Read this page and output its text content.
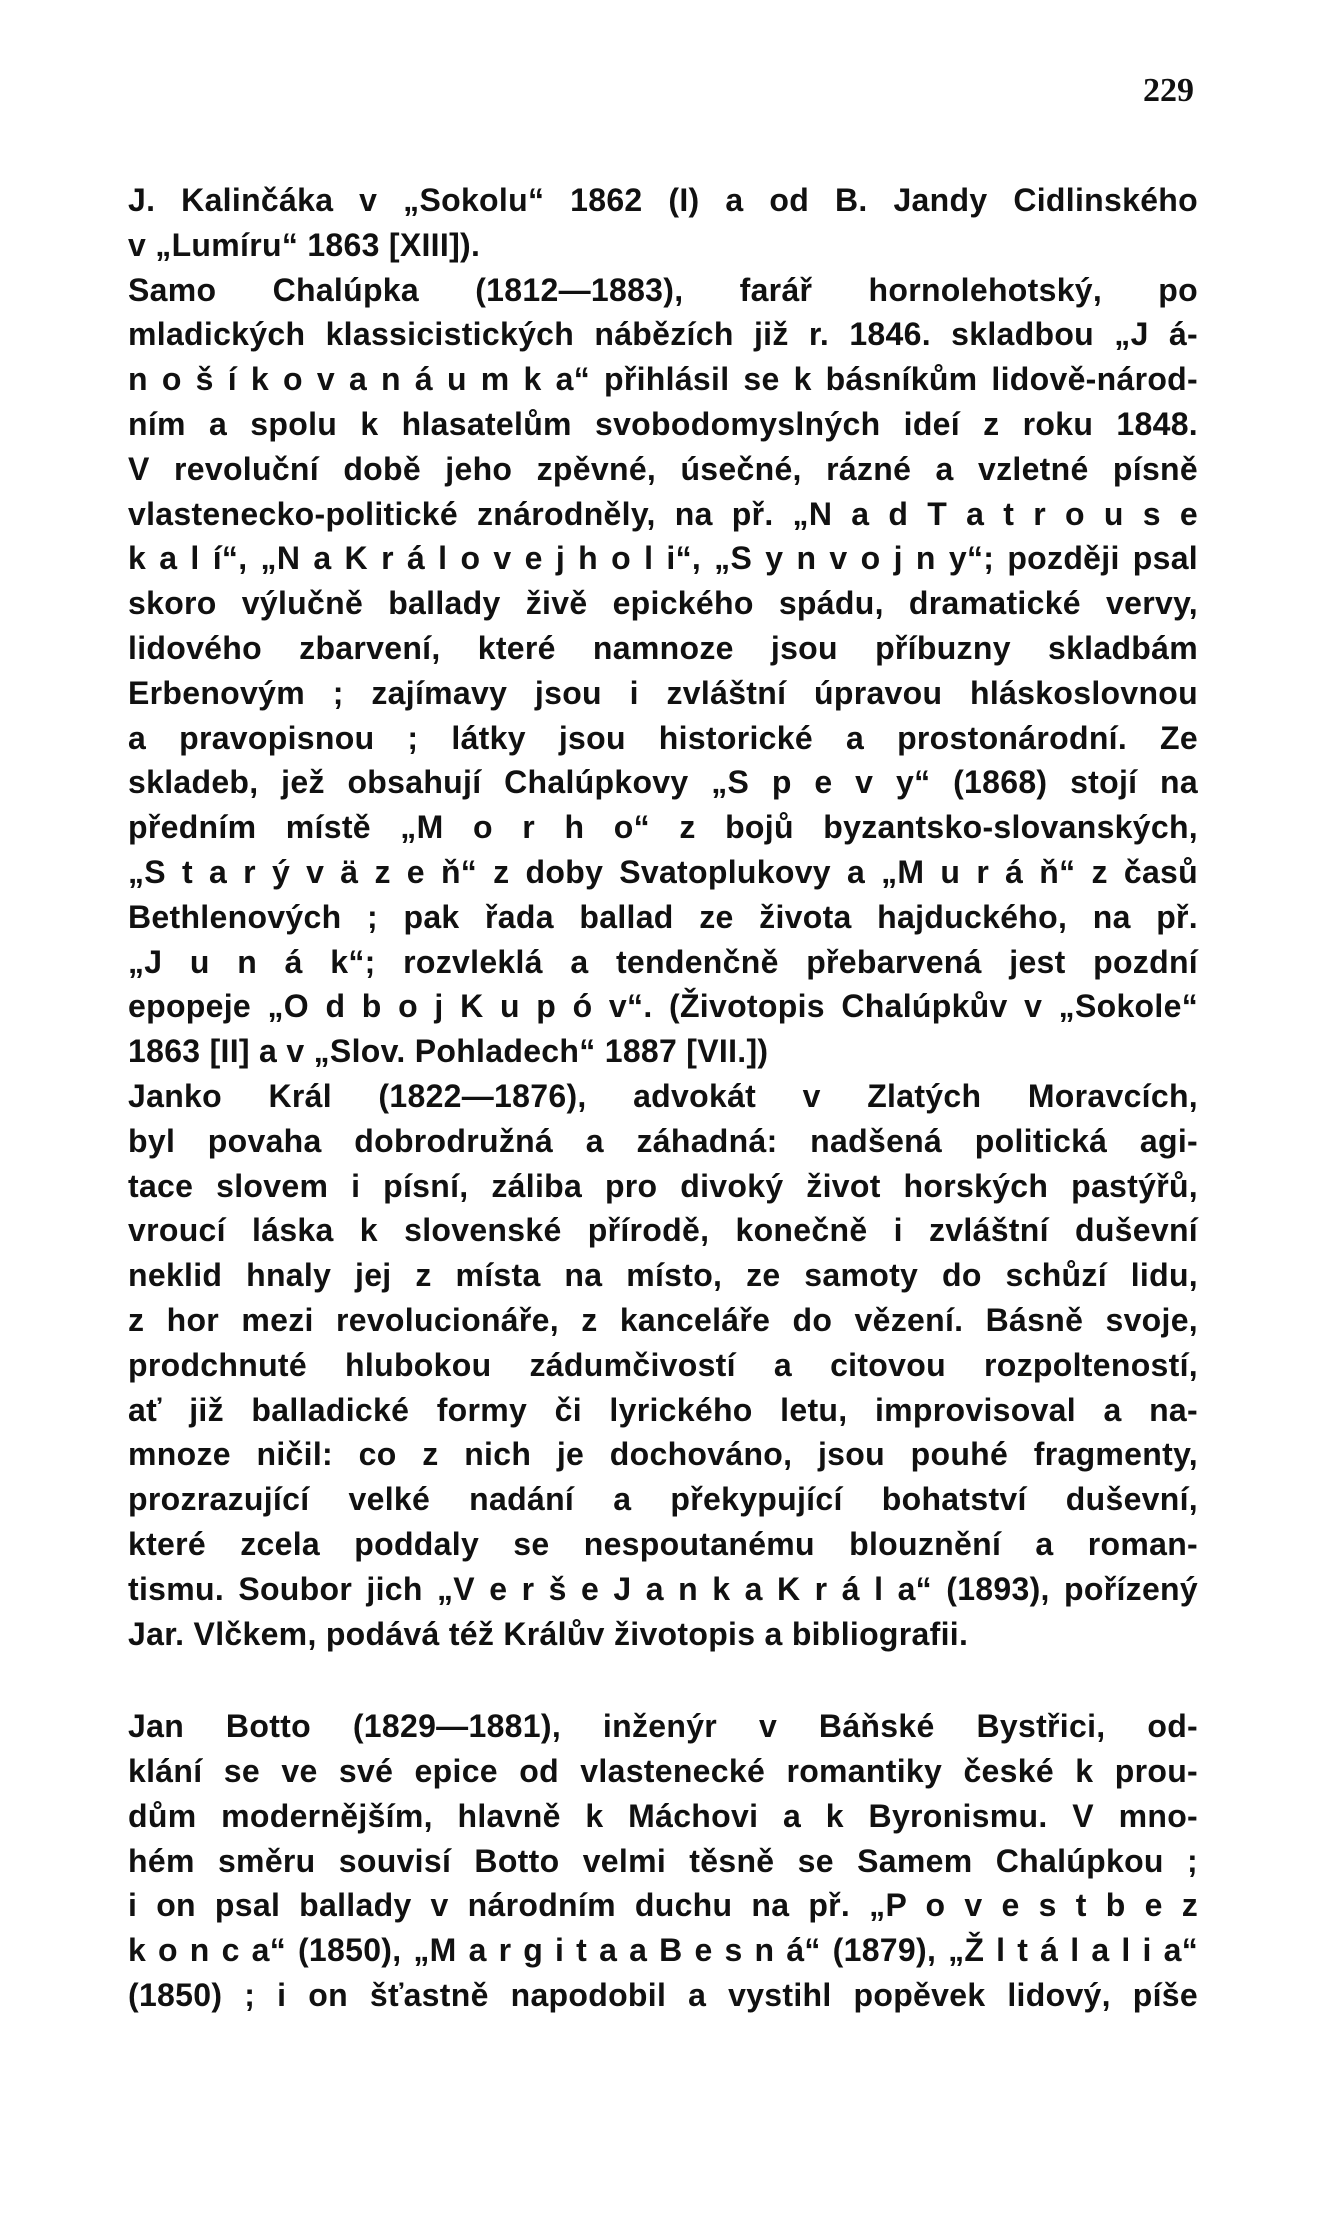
229
J. Kalinčáka v „Sokolu“ 1862 (I) a od B. Jandy Cidlinského
v „Lumíru“ 1863 [XIII]).
Samo Chalúpka (1812—1883), farář hornolehotský, po
mladických klassicistických nábězích již r. 1846. skladbou „J á-
n o š í k o v a n á u m k a“ přihlásil se k básníkům lidově-národ-
ním a spolu k hlasatelům svobodomyslných ideí z roku 1848.
V revoluční době jeho zpěvné, úsečné, rázné a vzletné písně
vlastenecko-politické znárodněly, na př. „N a d T a t r o u s e
k a l í“, „N a K r á l o v e j h o l i“, „S y n v o j n y“; později psal
skoro výlučně ballady živě epického spádu, dramatické vervy,
lidového zbarvení, které namnoze jsou příbuzny skladbám
Erbenovým ; zajímavy jsou i zvláštní úpravou hláskoslovnou
a pravopisnou ; látky jsou historické a prostonárodní. Ze
skladeb, jež obsahují Chalúpkovy „S p e v y“ (1868) stojí na
předním místě „M o r h o“ z bojů byzantsko-slovanských,
„S t a r ý v ä z e ň“ z doby Svatoplukovy a „M u r á ň“ z časů
Bethlenových ; pak řada ballad ze života hajduckého, na př.
„J u n á k“; rozvleklá a tendenčně přebarvená jest pozdní
epopeje „O d b o j K u p ó v“. (Životopis Chalúpkův v „Sokole“
1863 [II] a v „Slov. Pohladech“ 1887 [VII.])
Janko Král (1822—1876), advokát v Zlatých Moravcích,
byl povaha dobrodružná a záhadná: nadšená politická agi-
tace slovem i písní, záliba pro divoký život horských pastýřů,
vroucí láska k slovenské přírodě, konečně i zvláštní duševní
neklid hnaly jej z místa na místo, ze samoty do schůzí lidu,
z hor mezi revolucionáře, z kanceláře do vězení. Básně svoje,
prodchnuté hlubokou zádumčivostí a citovou rozpolteností,
ať již balladické formy či lyrického letu, improvisoval a na-
mnoze ničil: co z nich je dochováno, jsou pouhé fragmenty,
prozrazující velké nadání a překypující bohatství duševní,
které zcela poddaly se nespoutanému blouznění a roman-
tismu. Soubor jich „V e r š e J a n k a K r á l a“ (1893), pořízený
Jar. Vlčkem, podává též Králův životopis a bibliografii.
Jan Botto (1829—1881), inženýr v Báňské Bystřici, od-
klání se ve své epice od vlastenecké romantiky české k prou-
dům modernějším, hlavně k Máchovi a k Byronismu. V mno-
hém směru souvisí Botto velmi těsně se Samem Chalúpkou ;
i on psal ballady v národním duchu na př. „P o v e s t b e z
k o n c a“ (1850), „M a r g i t a a B e s n á“ (1879), „Ž l t á l a l i a“
(1850) ; i on šťastně napodobil a vystihl popěvek lidový, píše
